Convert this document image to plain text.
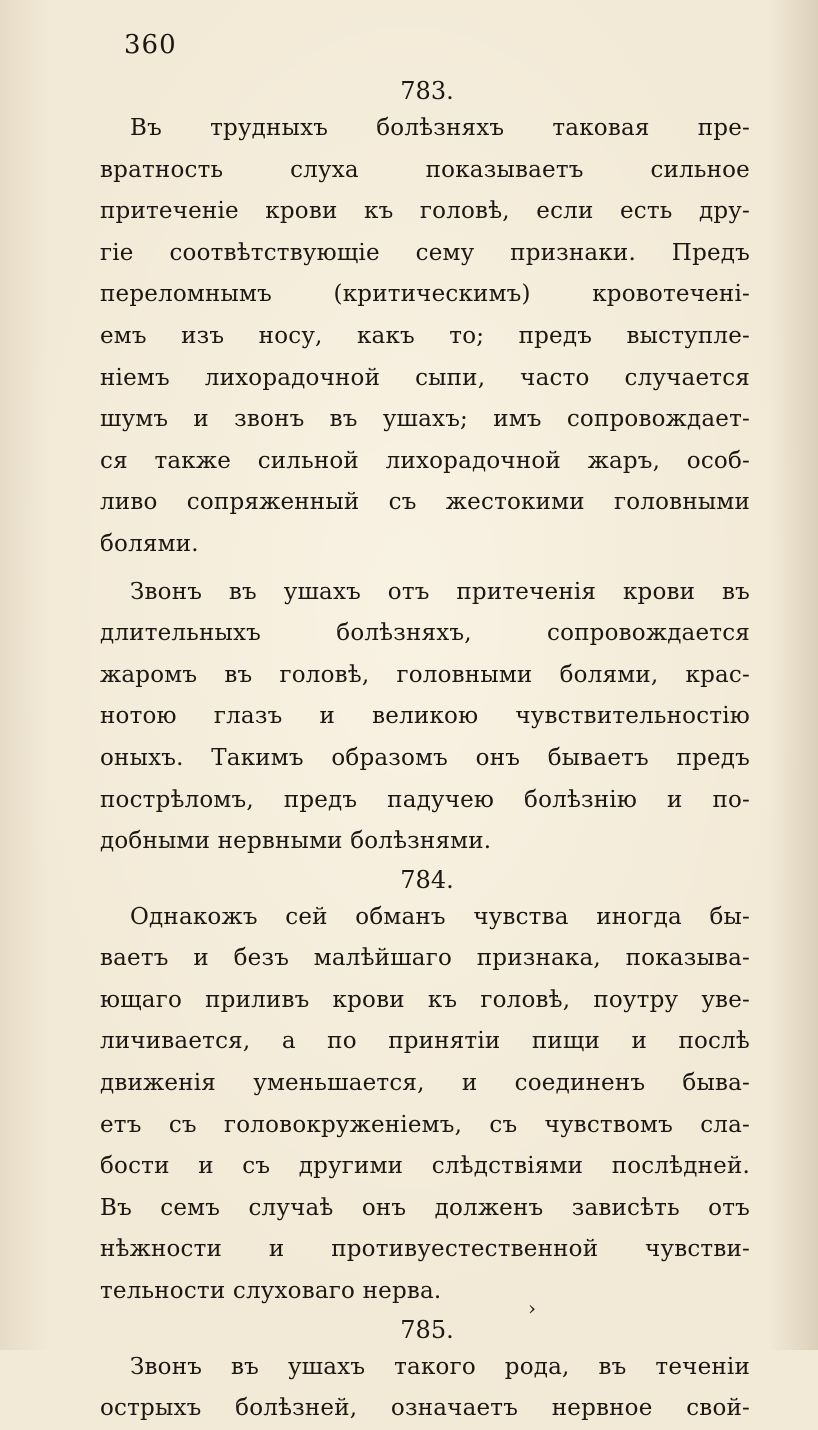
360
783.
Въ трудныхъ болѣзняхъ таковая пре-
вратность слуха показываетъ сильное
притеченіе крови къ головѣ, если есть дру-
гіе соотвѣтствующіе сему признаки. Предъ
переломнымъ (критическимъ) кровотеченi-
емъ изъ носу, какъ то; предъ выступле-
ніемъ лихорадочной сыпи, часто случается
шумъ и звонъ въ ушахъ; имъ сопровождает-
ся также сильной лихорадочной жаръ, особ-
ливо сопряженный съ жестокими головными
болями.
Звонъ въ ушахъ отъ притеченія крови въ
длительныхъ болѣзняхъ, сопровождается
жаромъ въ головѣ, головными болями, крас-
нотою глазъ и великою чувствительностію
оныхъ. Такимъ образомъ онъ бываетъ предъ
пострѣломъ, предъ падучею болѣзнію и по-
добными нервными болѣзнями.
784.
Однакожъ сей обманъ чувства иногда бы-
ваетъ и безъ малѣйшаго признака, показыва-
ющаго приливъ крови къ головѣ, поутру уве-
личивается, а по принятіи пищи и послѣ
движенія уменьшается, и соединенъ быва-
етъ съ головокруженіемъ, съ чувствомъ сла-
бости и съ другими слѣдствіями послѣдней.
Въ семъ случаѣ онъ долженъ зависѣть отъ
нѣжности и противуестественной чувстви-
тельности слуховаго нерва.
785.
Звонъ въ ушахъ такого рода, въ теченіи
острыхъ болѣзней, означаетъ нервное свой-
›
